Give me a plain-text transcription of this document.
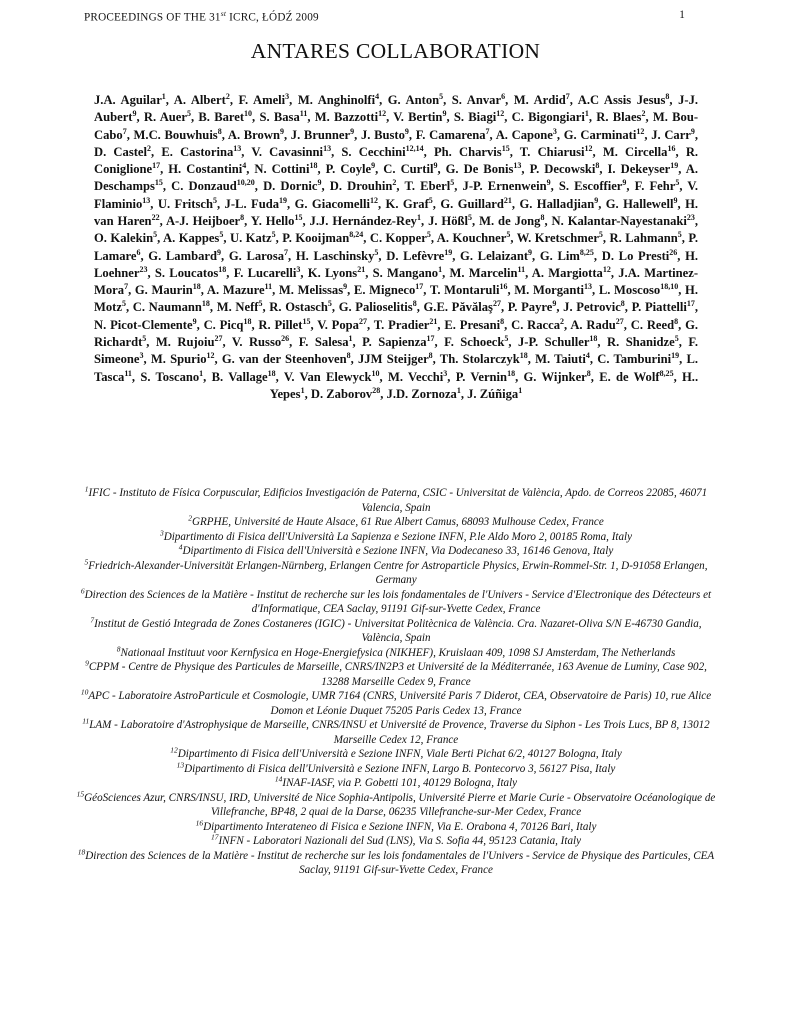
PROCEEDINGS OF THE 31st ICRC, ŁÓDŹ 2009	1
ANTARES COLLABORATION
J.A. Aguilar$^1$, A. Albert$^2$, F. Ameli$^3$, M. Anghinolfi$^4$, G. Anton$^5$, S. Anvar$^6$, M. Ardid$^7$, A.C Assis Jesus$^8$, J-J. Aubert$^9$, R. Auer$^5$, B. Baret$^{10}$, S. Basa$^{11}$, M. Bazzotti$^{12}$, V. Bertin$^9$, S. Biagi$^{12}$, C. Bigongiari$^1$, R. Blaes$^2$, M. Bou-Cabo$^7$, M.C. Bouwhuis$^8$, A. Brown$^9$, J. Brunner$^9$, J. Busto$^9$, F. Camarena$^7$, A. Capone$^3$, G. Carminati$^{12}$, J. Carr$^9$, D. Castel$^2$, E. Castorina$^{13}$, V. Cavasinni$^{13}$, S. Cecchini$^{12,14}$, Ph. Charvis$^{15}$, T. Chiarusi$^{12}$, M. Circella$^{16}$, R. Coniglione$^{17}$, H. Costantini$^4$, N. Cottini$^{18}$, P. Coyle$^9$, C. Curtil$^9$, G. De Bonis$^{13}$, P. Decowski$^8$, I. Dekeyser$^{19}$, A. Deschamps$^{15}$, C. Donzaud$^{10,20}$, D. Dornic$^9$, D. Drouhin$^2$, T. Eberl$^5$, J-P. Ernenwein$^9$, S. Escoffier$^9$, F. Fehr$^5$, V. Flaminio$^{13}$, U. Fritsch$^5$, J-L. Fuda$^{19}$, G. Giacomelli$^{12}$, K. Graf$^5$, G. Guillard$^{21}$, G. Halladjian$^9$, G. Hallewell$^9$, H. van Haren$^{22}$, A-J. Heijboer$^8$, Y. Hello$^{15}$, J.J. Hernández-Rey$^1$, J. Hößl$^5$, M. de Jong$^8$, N. Kalantar-Nayestanaki$^{23}$, O. Kalekin$^5$, A. Kappes$^5$, U. Katz$^5$, P. Kooijman$^{8,24}$, C. Kopper$^5$, A. Kouchner$^5$, W. Kretschmer$^5$, R. Lahmann$^5$, P. Lamare$^6$, G. Lambard$^9$, G. Larosa$^7$, H. Laschinsky$^5$, D. Lefèvre$^{19}$, G. Lelaizant$^9$, G. Lim$^{8,25}$, D. Lo Presti$^{26}$, H. Loehner$^{23}$, S. Loucatos$^{18}$, F. Lucarelli$^3$, K. Lyons$^{21}$, S. Mangano$^1$, M. Marcelin$^{11}$, A. Margiotta$^{12}$, J.A. Martinez-Mora$^7$, G. Maurin$^{18}$, A. Mazure$^{11}$, M. Melissas$^9$, E. Migneco$^{17}$, T. Montaruli$^{16}$, M. Morganti$^{13}$, L. Moscoso$^{18,10}$, H. Motz$^5$, C. Naumann$^{18}$, M. Neff$^5$, R. Ostasch$^5$, G. Palioselitis$^8$, G.E. Păvălaş$^{27}$, P. Payre$^9$, J. Petrovic$^8$, P. Piattelli$^{17}$, N. Picot-Clemente$^9$, C. Picq$^{18}$, R. Pillet$^{15}$, V. Popa$^{27}$, T. Pradier$^{21}$, E. Presani$^8$, C. Racca$^2$, A. Radu$^{27}$, C. Reed$^8$, G. Richardt$^5$, M. Rujoiu$^{27}$, V. Russo$^{26}$, F. Salesa$^1$, P. Sapienza$^{17}$, F. Schoeck$^5$, J-P. Schuller$^{18}$, R. Shanidze$^5$, F. Simeone$^3$, M. Spurio$^{12}$, G. van der Steenhoven$^8$, JJM Steijger$^8$, Th. Stolarczyk$^{18}$, M. Taiuti$^4$, C. Tamburini$^{19}$, L. Tasca$^{11}$, S. Toscano$^1$, B. Vallage$^{18}$, V. Van Elewyck$^{10}$, M. Vecchi$^3$, P. Vernin$^{18}$, G. Wijnker$^8$, E. de Wolf$^{8,25}$, H.. Yepes$^1$, D. Zaborov$^{28}$, J.D. Zornoza$^1$, J. Zúñiga$^1$
$^1$IFIC - Instituto de Física Corpuscular, Edificios Investigación de Paterna, CSIC - Universitat de València, Apdo. de Correos 22085, 46071 Valencia, Spain
$^2$GRPHE, Université de Haute Alsace, 61 Rue Albert Camus, 68093 Mulhouse Cedex, France
$^3$Dipartimento di Fisica dell'Università La Sapienza e Sezione INFN, P.le Aldo Moro 2, 00185 Roma, Italy
$^4$Dipartimento di Fisica dell'Università e Sezione INFN, Via Dodecaneso 33, 16146 Genova, Italy
$^5$Friedrich-Alexander-Universität Erlangen-Nürnberg, Erlangen Centre for Astroparticle Physics, Erwin-Rommel-Str. 1, D-91058 Erlangen, Germany
$^6$Direction des Sciences de la Matière - Institut de recherche sur les lois fondamentales de l'Univers - Service d'Electronique des Détecteurs et d'Informatique, CEA Saclay, 91191 Gif-sur-Yvette Cedex, France
$^7$Institut de Gestió Integrada de Zones Costaneres (IGIC) - Universitat Politècnica de València. Cra. Nazaret-Oliva S/N E-46730 Gandia, València, Spain
$^8$Nationaal Instituut voor Kernfysica en Hoge-Energiefysica (NIKHEF), Kruislaan 409, 1098 SJ Amsterdam, The Netherlands
$^9$CPPM - Centre de Physique des Particules de Marseille, CNRS/IN2P3 et Université de la Méditerranée, 163 Avenue de Luminy, Case 902, 13288 Marseille Cedex 9, France
$^{10}$APC - Laboratoire AstroParticule et Cosmologie, UMR 7164 (CNRS, Université Paris 7 Diderot, CEA, Observatoire de Paris) 10, rue Alice Domon et Léonie Duquet 75205 Paris Cedex 13, France
$^{11}$LAM - Laboratoire d'Astrophysique de Marseille, CNRS/INSU et Université de Provence, Traverse du Siphon - Les Trois Lucs, BP 8, 13012 Marseille Cedex 12, France
$^{12}$Dipartimento di Fisica dell'Università e Sezione INFN, Viale Berti Pichat 6/2, 40127 Bologna, Italy
$^{13}$Dipartimento di Fisica dell'Università e Sezione INFN, Largo B. Pontecorvo 3, 56127 Pisa, Italy
$^{14}$INAF-IASF, via P. Gobetti 101, 40129 Bologna, Italy
$^{15}$GéoSciences Azur, CNRS/INSU, IRD, Université de Nice Sophia-Antipolis, Université Pierre et Marie Curie - Observatoire Océanologique de Villefranche, BP48, 2 quai de la Darse, 06235 Villefranche-sur-Mer Cedex, France
$^{16}$Dipartimento Interateneo di Fisica e Sezione INFN, Via E. Orabona 4, 70126 Bari, Italy
$^{17}$INFN - Laboratori Nazionali del Sud (LNS), Via S. Sofia 44, 95123 Catania, Italy
$^{18}$Direction des Sciences de la Matière - Institut de recherche sur les lois fondamentales de l'Univers - Service de Physique des Particules, CEA Saclay, 91191 Gif-sur-Yvette Cedex, France
